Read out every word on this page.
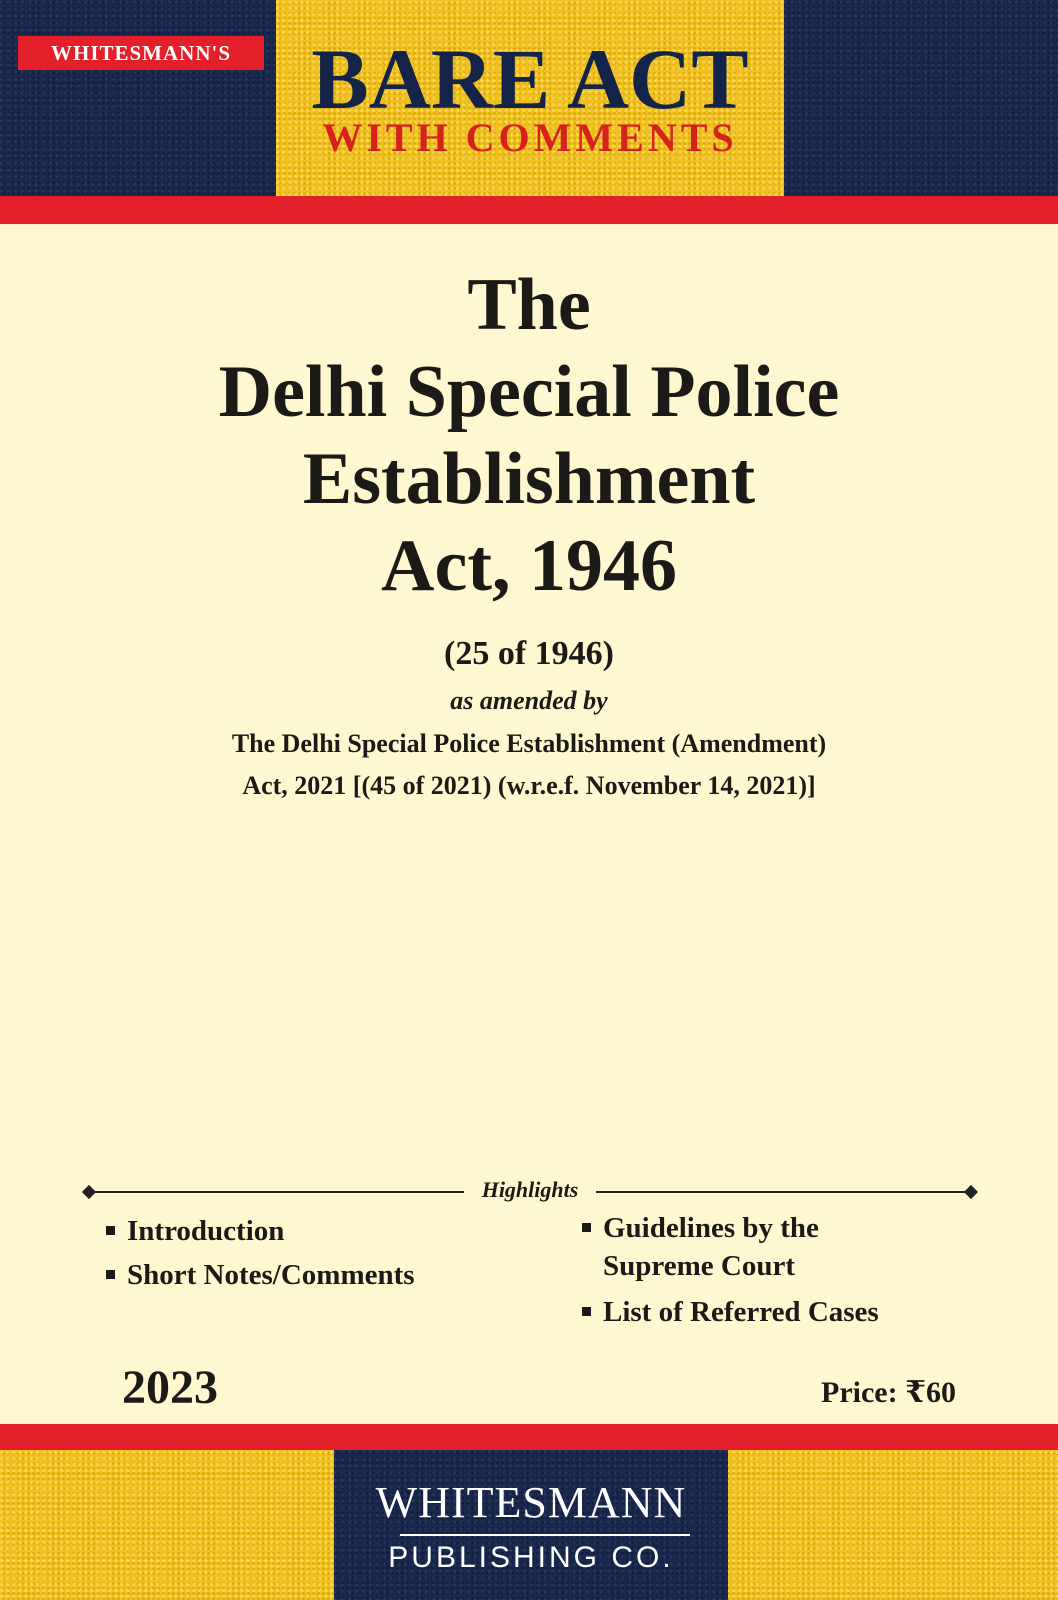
WHITESMANN'S BARE ACT
WITH COMMENTS
The
Delhi Special Police
Establishment
Act, 1946
(25 of 1946)
as amended by
The Delhi Special Police Establishment (Amendment)
Act, 2021 [(45 of 2021) (w.r.e.f. November 14, 2021)]
Highlights
Introduction
Short Notes/Comments
Guidelines by the
Supreme Court
List of Referred Cases
2023	Price: ₹60
WHITESMANN
PUBLISHING CO.
